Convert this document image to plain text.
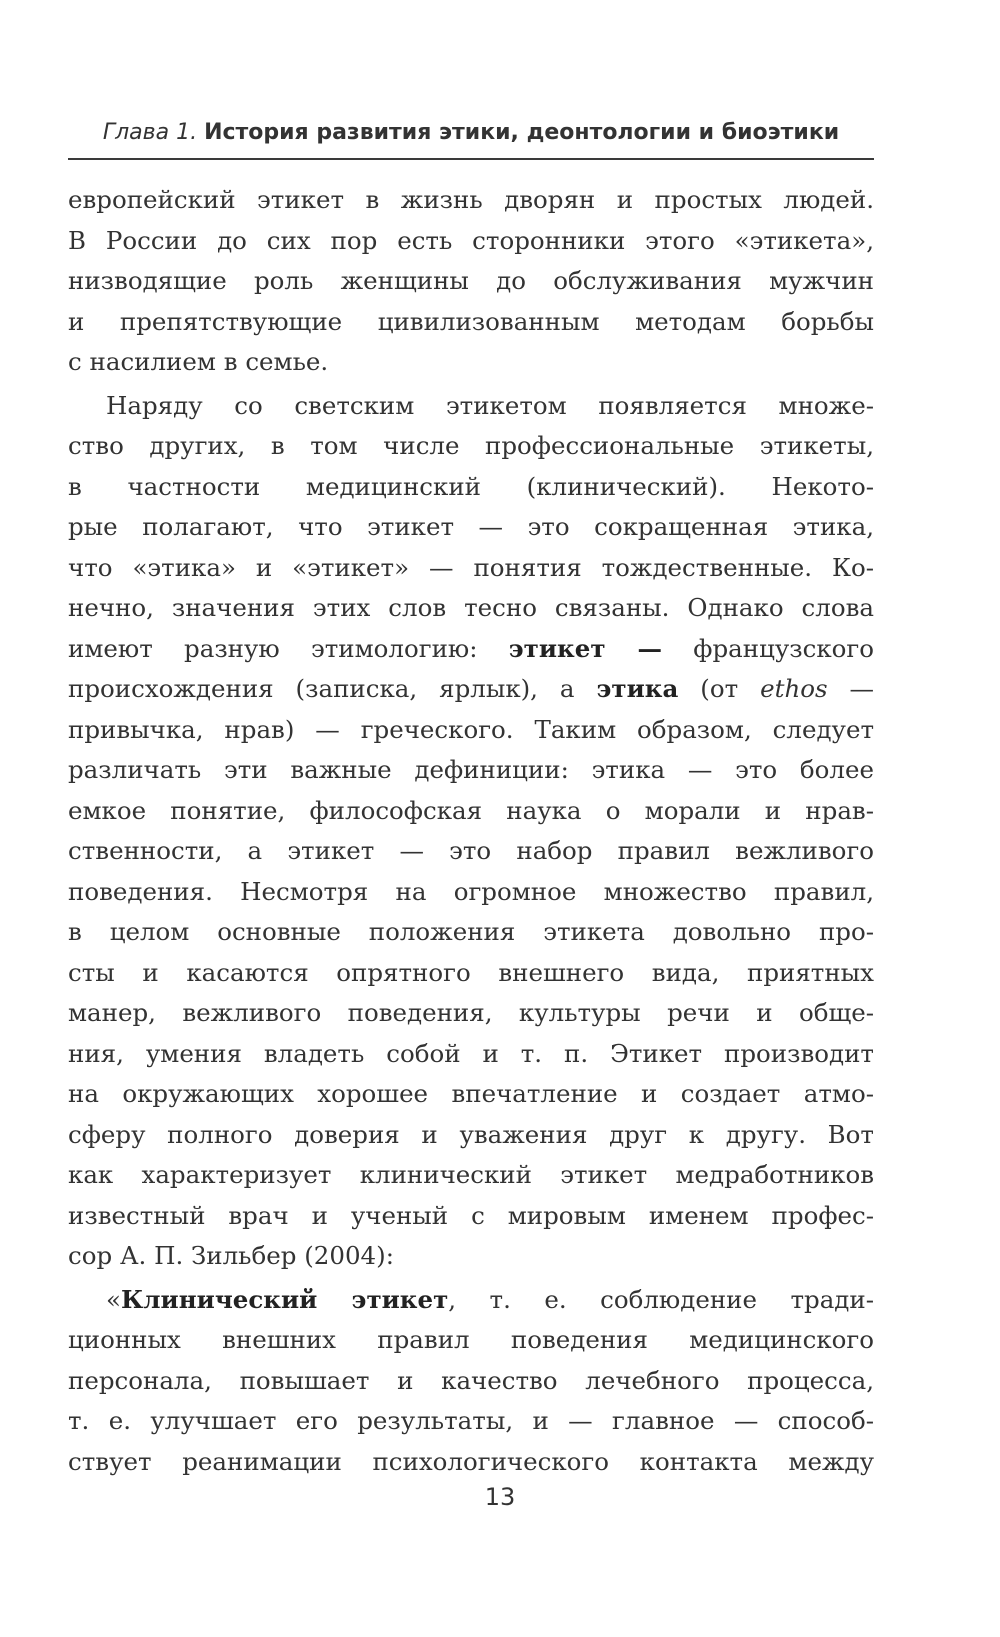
Глава 1. История развития этики, деонтологии и биоэтики
европейский этикет в жизнь дворян и простых людей.
В России до сих пор есть сторонники этого «этикета»,
низводящие роль женщины до обслуживания мужчин
и препятствующие цивилизованным методам борьбы
с насилием в семье.
Наряду со светским этикетом появляется множе-
ство других, в том числе профессиональные этикеты,
в частности медицинский (клинический). Некото-
рые полагают, что этикет — это сокращенная этика,
что «этика» и «этикет» — понятия тождественные. Ко-
нечно, значения этих слов тесно связаны. Однако слова
имеют разную этимологию: этикет — французского
происхождения (записка, ярлык), а этика (от ethos —
привычка, нрав) — греческого. Таким образом, следует
различать эти важные дефиниции: этика — это более
емкое понятие, философская наука о морали и нрав-
ственности, а этикет — это набор правил вежливого
поведения. Несмотря на огромное множество правил,
в целом основные положения этикета довольно про-
сты и касаются опрятного внешнего вида, приятных
манер, вежливого поведения, культуры речи и обще-
ния, умения владеть собой и т. п. Этикет производит
на окружающих хорошее впечатление и создает атмо-
сферу полного доверия и уважения друг к другу. Вот
как характеризует клинический этикет медработников
известный врач и ученый с мировым именем профес-
сор А. П. Зильбер (2004):
«Клинический этикет, т. е. соблюдение тради-
ционных внешних правил поведения медицинского
персонала, повышает и качество лечебного процесса,
т. е. улучшает его результаты, и — главное — способ-
ствует реанимации психологического контакта между
13
